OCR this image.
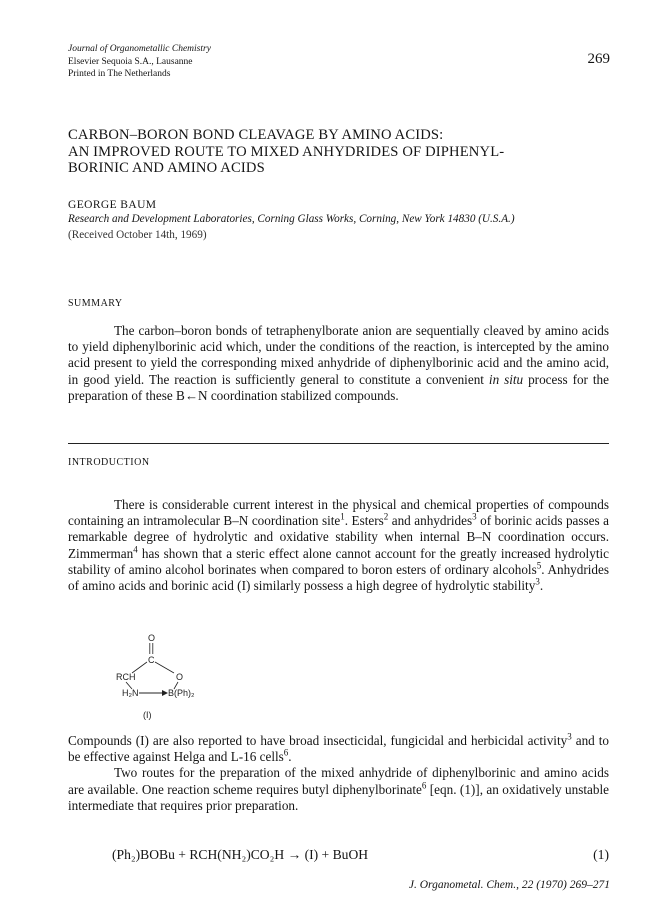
Journal of Organometallic Chemistry
Elsevier Sequoia S.A., Lausanne
Printed in The Netherlands
269
CARBON–BORON BOND CLEAVAGE BY AMINO ACIDS:
AN IMPROVED ROUTE TO MIXED ANHYDRIDES OF DIPHENYL-
BORINIC AND AMINO ACIDS
GEORGE BAUM
Research and Development Laboratories, Corning Glass Works, Corning, New York 14830 (U.S.A.)
(Received October 14th, 1969)
SUMMARY

The carbon–boron bonds of tetraphenylborate anion are sequentially cleaved by amino acids to yield diphenylborinic acid which, under the conditions of the reaction, is intercepted by the amino acid present to yield the corresponding mixed anhydride of diphenylborinic acid and the amino acid, in good yield. The reaction is sufficiently general to constitute a convenient in situ process for the preparation of these B←N coordination stabilized compounds.

INTRODUCTION

There is considerable current interest in the physical and chemical properties of compounds containing an intramolecular B–N coordination site$^1$. Esters$^2$ and anhydrides$^3$ of borinic acids passes a remarkable degree of hydrolytic and oxidative stability when internal B–N coordination occurs. Zimmerman$^4$ has shown that a steric effect alone cannot account for the greatly increased hydrolytic stability of amino alcohol borinates when compared to boron esters of ordinary alcohols$^5$. Anhydrides of amino acids and borinic acid (I) similarly possess a high degree of hydrolytic stability$^3$.

O
C
RCH	O
H₂N	B(Ph)₂
(I)

Compounds (I) are also reported to have broad insecticidal, fungicidal and herbicidal activity$^3$ and to be effective against Helga and L-16 cells$^6$.

Two routes for the preparation of the mixed anhydride of diphenylborinic and amino acids are available. One reaction scheme requires butyl diphenylborinate$^6$ [eqn. (1)], an oxidatively unstable intermediate that requires prior preparation.

(Ph₂)BOBu + RCH(NH₂)CO₂H → (I) + BuOH	(1)
J. Organometal. Chem., 22 (1970) 269–271
